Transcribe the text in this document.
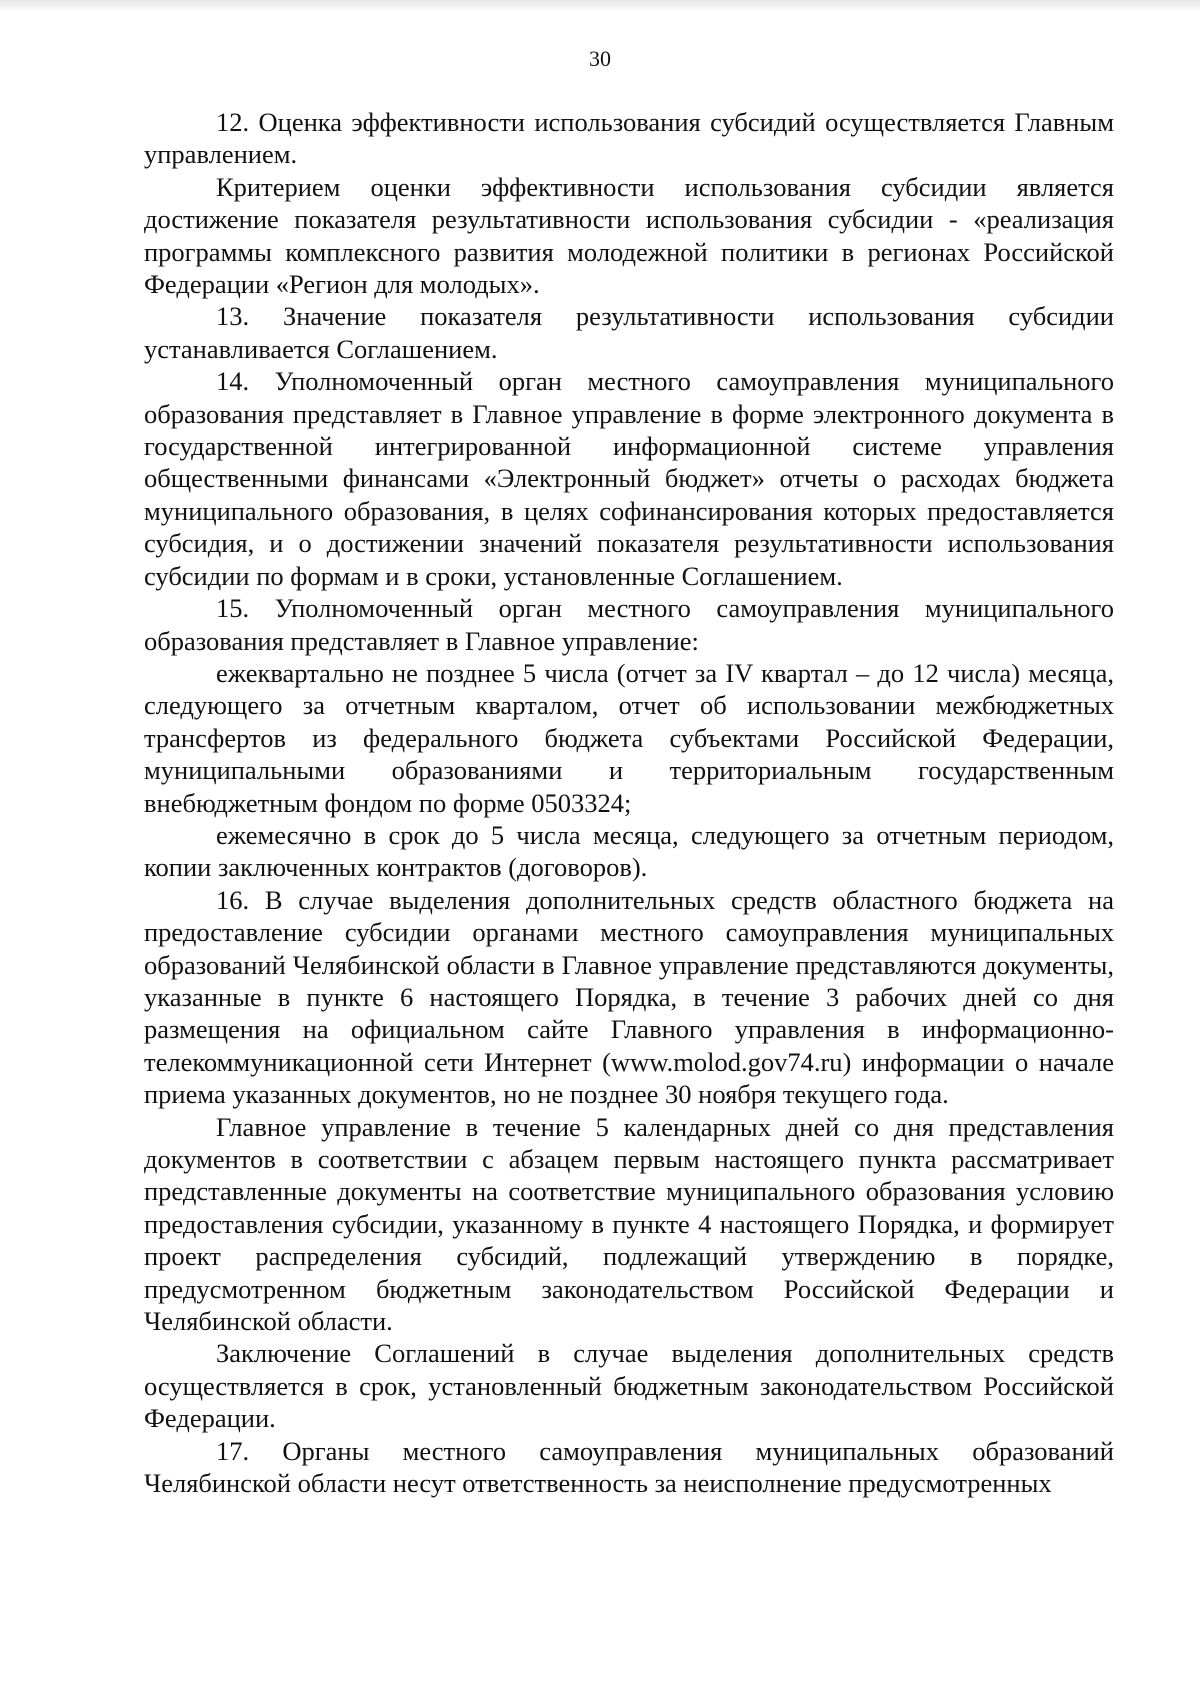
30

12. Оценка эффективности использования субсидий осуществляется Главным управлением.

Критерием оценки эффективности использования субсидии является достижение показателя результативности использования субсидии - «реализация программы комплексного развития молодежной политики в регионах Российской Федерации «Регион для молодых».

13. Значение показателя результативности использования субсидии устанавливается Соглашением.

14. Уполномоченный орган местного самоуправления муниципального образования представляет в Главное управление в форме электронного документа в государственной интегрированной информационной системе управления общественными финансами «Электронный бюджет» отчеты о расходах бюджета муниципального образования, в целях софинансирования которых предоставляется субсидия, и о достижении значений показателя результативности использования субсидии по формам и в сроки, установленные Соглашением.

15. Уполномоченный орган местного самоуправления муниципального образования представляет в Главное управление:

ежеквартально не позднее 5 числа (отчет за IV квартал – до 12 числа) месяца, следующего за отчетным кварталом, отчет об использовании межбюджетных трансфертов из федерального бюджета субъектами Российской Федерации, муниципальными образованиями и территориальным государственным внебюджетным фондом по форме 0503324;

ежемесячно в срок до 5 числа месяца, следующего за отчетным периодом, копии заключенных контрактов (договоров).

16. В случае выделения дополнительных средств областного бюджета на предоставление субсидии органами местного самоуправления муниципальных образований Челябинской области в Главное управление представляются документы, указанные в пункте 6 настоящего Порядка, в течение 3 рабочих дней со дня размещения на официальном сайте Главного управления в информационно-телекоммуникационной сети Интернет (www.molod.gov74.ru) информации о начале приема указанных документов, но не позднее 30 ноября текущего года.

Главное управление в течение 5 календарных дней со дня представления документов в соответствии с абзацем первым настоящего пункта рассматривает представленные документы на соответствие муниципального образования условию предоставления субсидии, указанному в пункте 4 настоящего Порядка, и формирует проект распределения субсидий, подлежащий утверждению в порядке, предусмотренном бюджетным законодательством Российской Федерации и Челябинской области.

Заключение Соглашений в случае выделения дополнительных средств осуществляется в срок, установленный бюджетным законодательством Российской Федерации.

17. Органы местного самоуправления муниципальных образований Челябинской области несут ответственность за неисполнение предусмотренных
